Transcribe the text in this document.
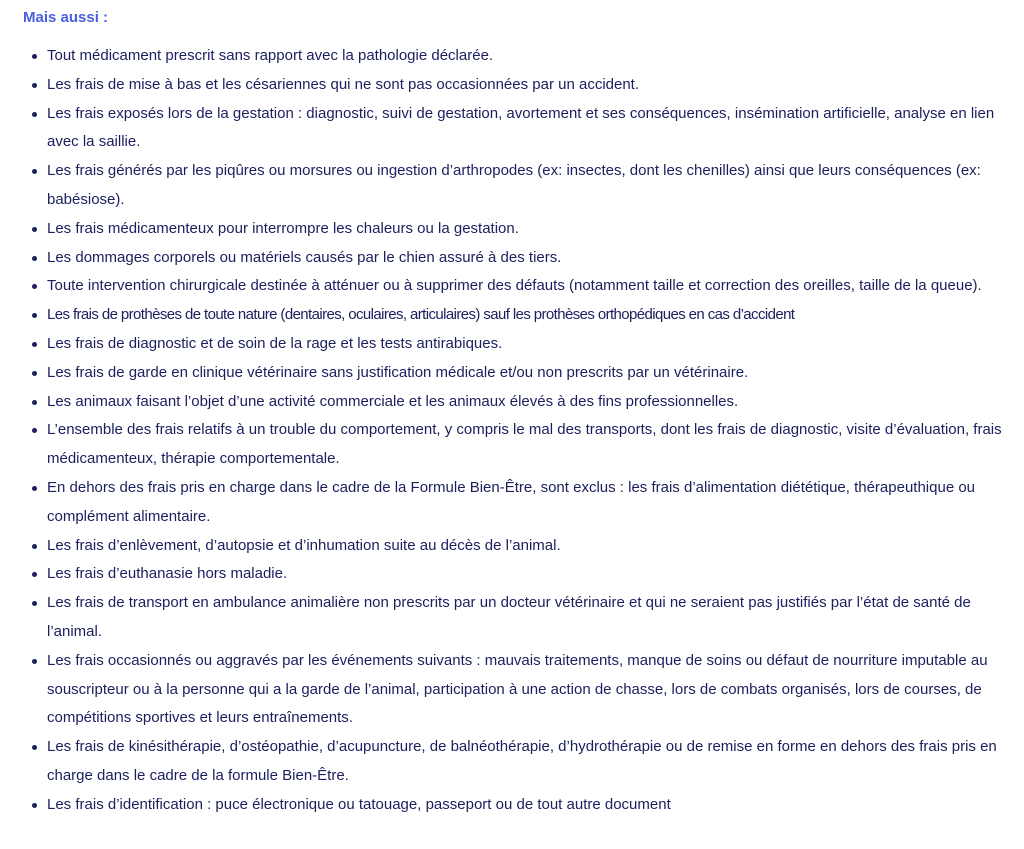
Mais aussi :
Tout médicament prescrit sans rapport avec la pathologie déclarée.
Les frais de mise à bas et les césariennes qui ne sont pas occasionnées par un accident.
Les frais exposés lors de la gestation : diagnostic, suivi de gestation, avortement et ses conséquences, insémination artificielle, analyse en lien avec la saillie.
Les frais générés par les piqûres ou morsures ou ingestion d’arthropodes (ex: insectes, dont les chenilles) ainsi que leurs conséquences (ex: babésiose).
Les frais médicamenteux pour interrompre les chaleurs ou la gestation.
Les dommages corporels ou matériels causés par le chien assuré à des tiers.
Toute intervention chirurgicale destinée à atténuer ou à supprimer des défauts (notamment taille et correction des oreilles, taille de la queue).
Les frais de prothèses de toute nature (dentaires, oculaires, articulaires) sauf les prothèses orthopédiques en cas d’accident
Les frais de diagnostic et de soin de la rage et les tests antirabiques.
Les frais de garde en clinique vétérinaire sans justification médicale et/ou non prescrits par un vétérinaire.
Les animaux faisant l’objet d’une activité commerciale et les animaux élevés à des fins professionnelles.
L’ensemble des frais relatifs à un trouble du comportement, y compris le mal des transports, dont les frais de diagnostic, visite d’évaluation, frais médicamenteux, thérapie comportementale.
En dehors des frais pris en charge dans le cadre de la Formule Bien-Être, sont exclus : les frais d’alimentation diététique, thérapeuthique ou complément alimentaire.
Les frais d’enlèvement, d’autopsie et d’inhumation suite au décès de l’animal.
Les frais d’euthanasie hors maladie.
Les frais de transport en ambulance animalière non prescrits par un docteur vétérinaire et qui ne seraient pas justifiés par l’état de santé de l’animal.
Les frais occasionnés ou aggravés par les événements suivants : mauvais traitements, manque de soins ou défaut de nourriture imputable au souscripteur ou à la personne qui a la garde de l’animal, participation à une action de chasse, lors de combats organisés, lors de courses, de compétitions sportives et leurs entraînements.
Les frais de kinésithérapie, d’ostéopathie, d’acupuncture, de balnéothérapie, d’hydrothérapie ou de remise en forme en dehors des frais pris en charge dans le cadre de la formule Bien-Être.
Les frais d’identification : puce électronique ou tatouage, passeport ou de tout autre document
